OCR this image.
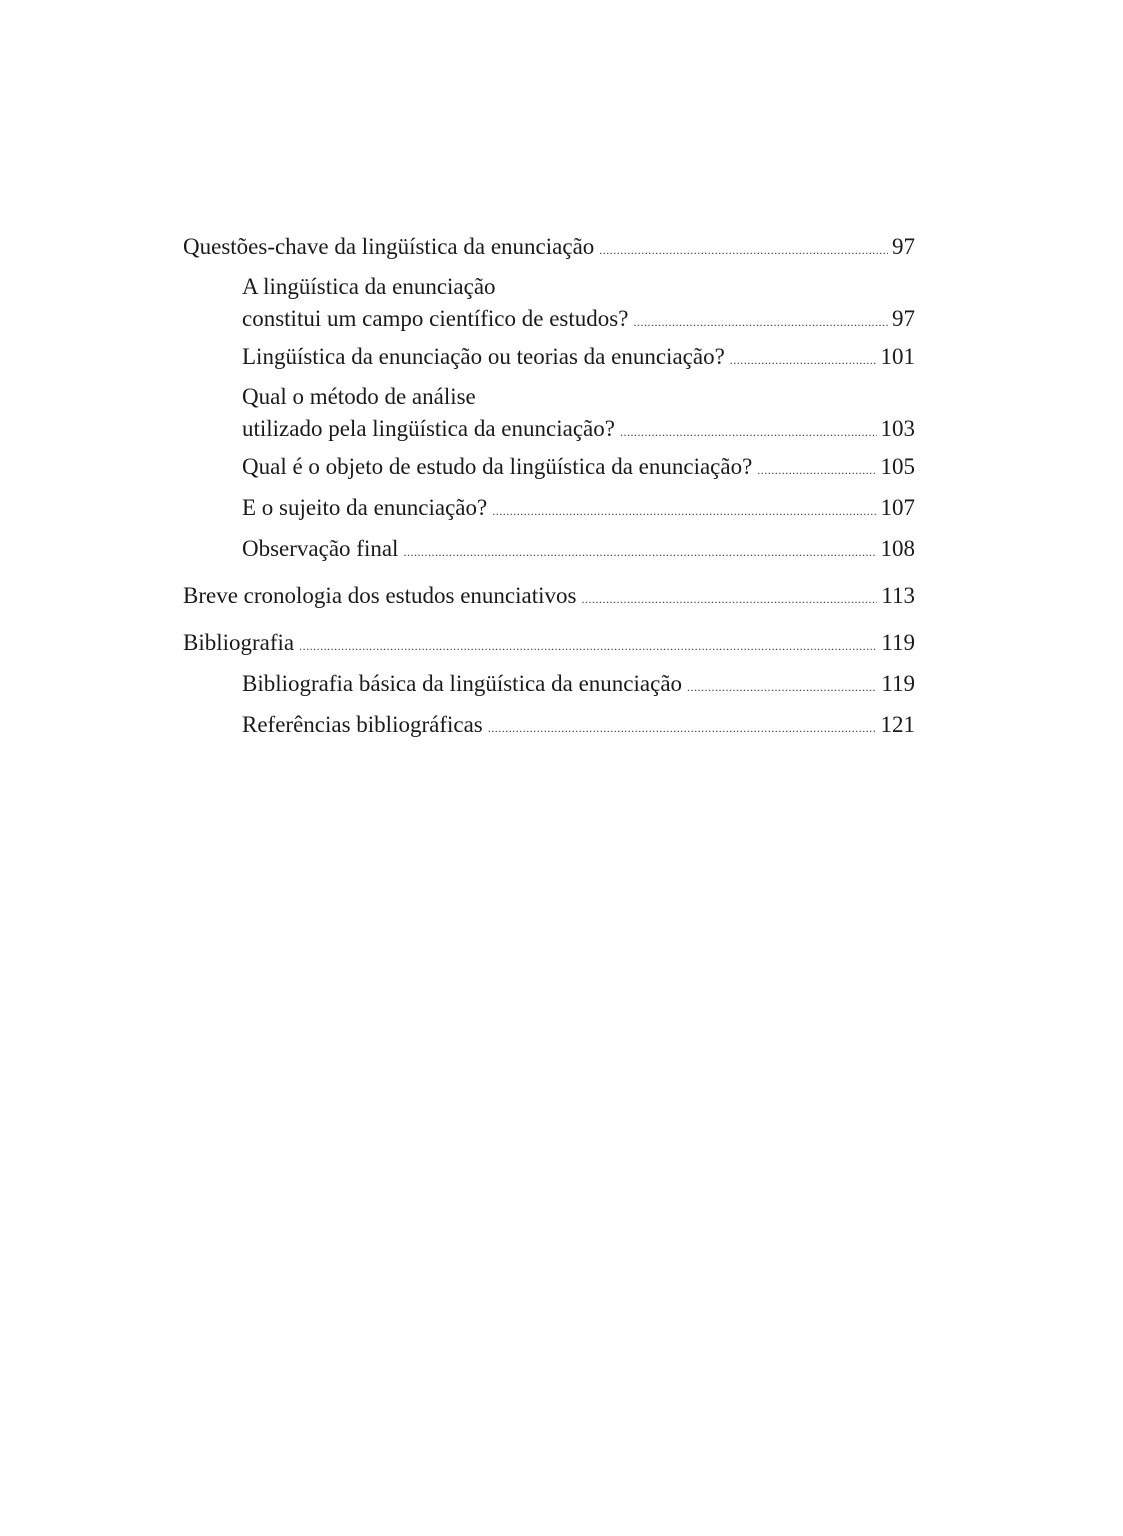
Questões-chave da lingüística da enunciação .....	97
A lingüística da enunciação
constitui um campo científico de estudos? .....	97
Lingüística da enunciação ou teorias da enunciação? .....	101
Qual o método de análise
utilizado pela lingüística da enunciação? .....	103
Qual é o objeto de estudo da lingüística da enunciação? .....	105
E o sujeito da enunciação? .....	107
Observação final .....	108
Breve cronologia dos estudos enunciativos .....	113
Bibliografia .....	119
Bibliografia básica da lingüística da enunciação .....	119
Referências bibliográficas .....	121
